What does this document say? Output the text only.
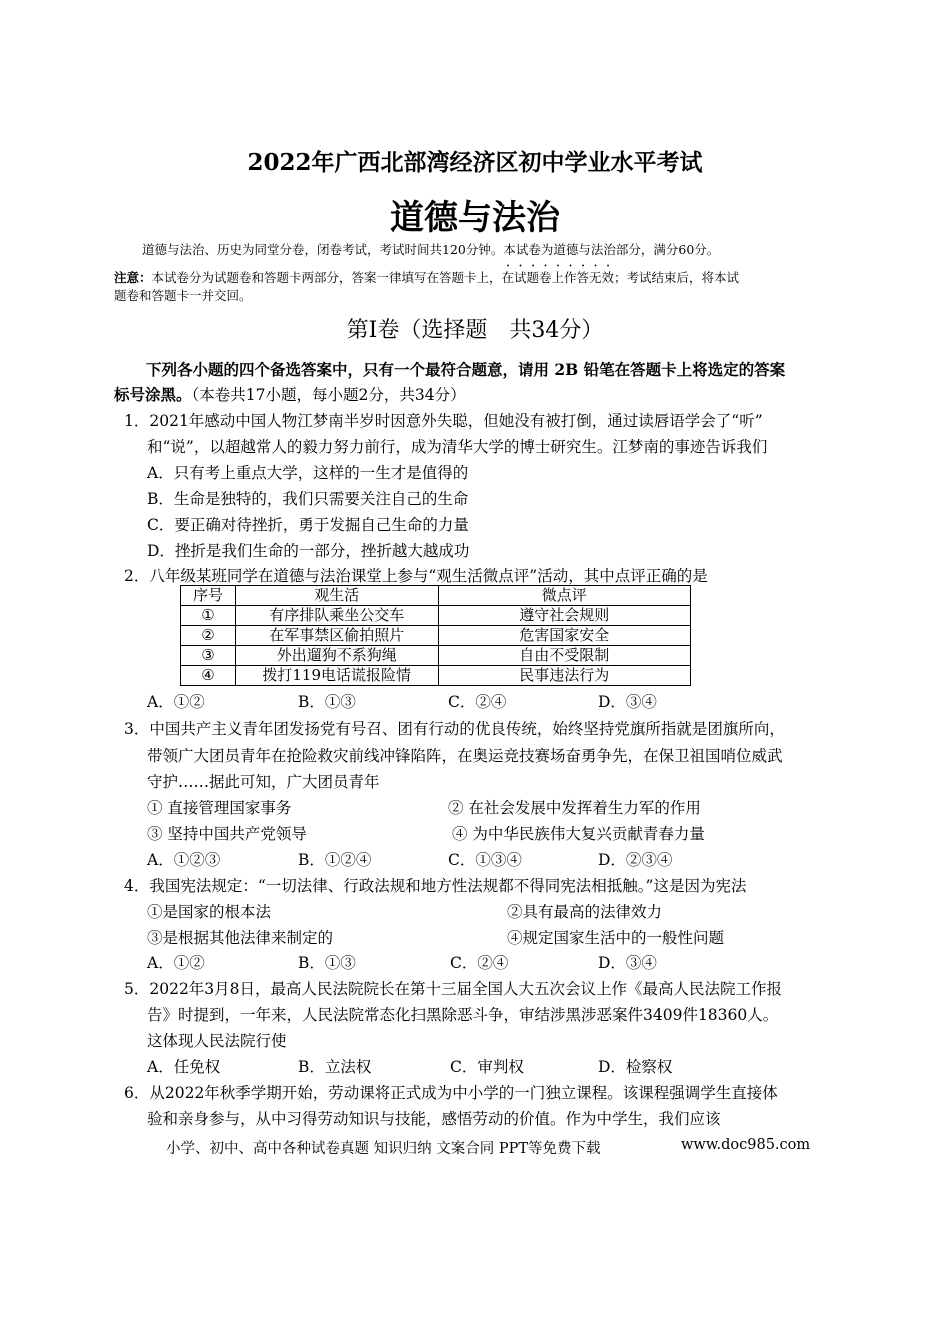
2022年广西北部湾经济区初中学业水平考试
道德与法治
道德与法治、历史为同堂分卷，闭卷考试，考试时间共120分钟。本试卷为道德与法治部分，满分60分。
注意：本试卷分为试题卷和答题卡两部分，答案一律填写在答题卡上，在试题卷上作答无效；考试结束后，将本试
题卷和答题卡一并交回。
第Ⅰ卷（选择题　共34分）
下列各小题的四个备选答案中，只有一个最符合题意，请用 2B 铅笔在答题卡上将选定的答案
标号涂黑。（本卷共17小题，每小题2分，共34分）
1．2021年感动中国人物江梦南半岁时因意外失聪，但她没有被打倒，通过读唇语学会了“听”
和“说”，以超越常人的毅力努力前行，成为清华大学的博士研究生。江梦南的事迹告诉我们
A．只有考上重点大学，这样的一生才是值得的
B．生命是独特的，我们只需要关注自己的生命
C．要正确对待挫折，勇于发掘自己生命的力量
D．挫折是我们生命的一部分，挫折越大越成功
2．八年级某班同学在道德与法治课堂上参与“观生活微点评”活动，其中点评正确的是
序号	观生活	微点评
①	有序排队乘坐公交车	遵守社会规则
②	在军事禁区偷拍照片	危害国家安全
③	外出遛狗不系狗绳	自由不受限制
④	拨打119电话谎报险情	民事违法行为
A．①②	B．①③	C．②④	D．③④
3．中国共产主义青年团发扬党有号召、团有行动的优良传统，始终坚持党旗所指就是团旗所向，
带领广大团员青年在抢险救灾前线冲锋陷阵，在奥运竞技赛场奋勇争先，在保卫祖国哨位威武
守护……据此可知，广大团员青年
① 直接管理国家事务	② 在社会发展中发挥着生力军的作用
③ 坚持中国共产党领导	④ 为中华民族伟大复兴贡献青春力量
A．①②③	B．①②④	C．①③④	D．②③④
4．我国宪法规定：“一切法律、行政法规和地方性法规都不得同宪法相抵触。”这是因为宪法
①是国家的根本法	②具有最高的法律效力
③是根据其他法律来制定的	④规定国家生活中的一般性问题
A．①②	B．①③	C．②④	D．③④
5．2022年3月8日，最高人民法院院长在第十三届全国人大五次会议上作《最高人民法院工作报
告》时提到，一年来，人民法院常态化扫黑除恶斗争，审结涉黑涉恶案件3409件18360人。
这体现人民法院行使
A．任免权	B．立法权	C．审判权	D．检察权
6．从2022年秋季学期开始，劳动课将正式成为中小学的一门独立课程。该课程强调学生直接体
验和亲身参与，从中习得劳动知识与技能，感悟劳动的价值。作为中学生，我们应该
小学、初中、高中各种试卷真题 知识归纳 文案合同 PPT等免费下载	www.doc985.com
